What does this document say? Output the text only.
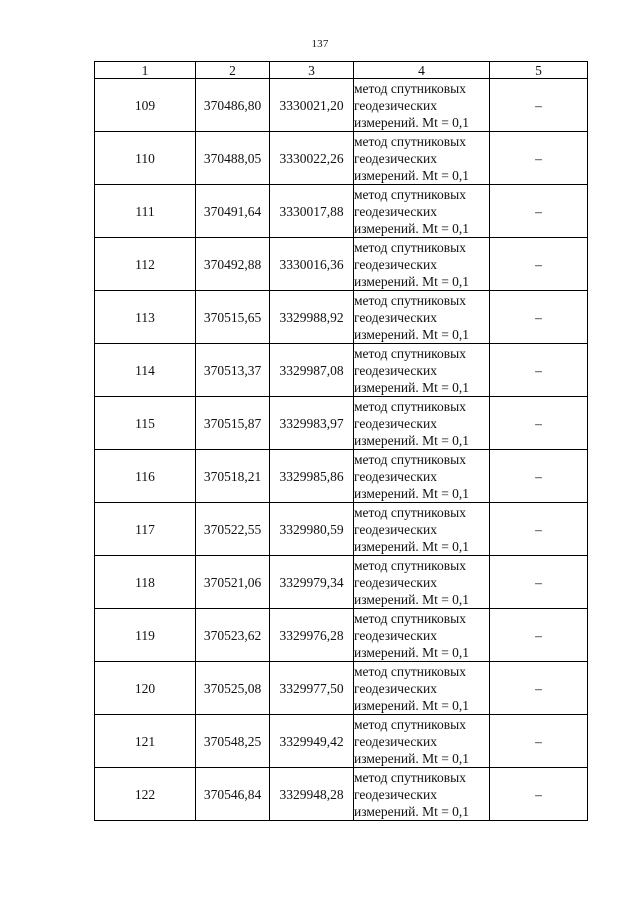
137
1	2	3	4	5
109	370486,80	3330021,20	метод спутниковых
геодезических
измерений. Mt = 0,1	–
110	370488,05	3330022,26	метод спутниковых
геодезических
измерений. Mt = 0,1	–
111	370491,64	3330017,88	метод спутниковых
геодезических
измерений. Mt = 0,1	–
112	370492,88	3330016,36	метод спутниковых
геодезических
измерений. Mt = 0,1	–
113	370515,65	3329988,92	метод спутниковых
геодезических
измерений. Mt = 0,1	–
114	370513,37	3329987,08	метод спутниковых
геодезических
измерений. Mt = 0,1	–
115	370515,87	3329983,97	метод спутниковых
геодезических
измерений. Mt = 0,1	–
116	370518,21	3329985,86	метод спутниковых
геодезических
измерений. Mt = 0,1	–
117	370522,55	3329980,59	метод спутниковых
геодезических
измерений. Mt = 0,1	–
118	370521,06	3329979,34	метод спутниковых
геодезических
измерений. Mt = 0,1	–
119	370523,62	3329976,28	метод спутниковых
геодезических
измерений. Mt = 0,1	–
120	370525,08	3329977,50	метод спутниковых
геодезических
измерений. Mt = 0,1	–
121	370548,25	3329949,42	метод спутниковых
геодезических
измерений. Mt = 0,1	–
122	370546,84	3329948,28	метод спутниковых
геодезических
измерений. Mt = 0,1	–
